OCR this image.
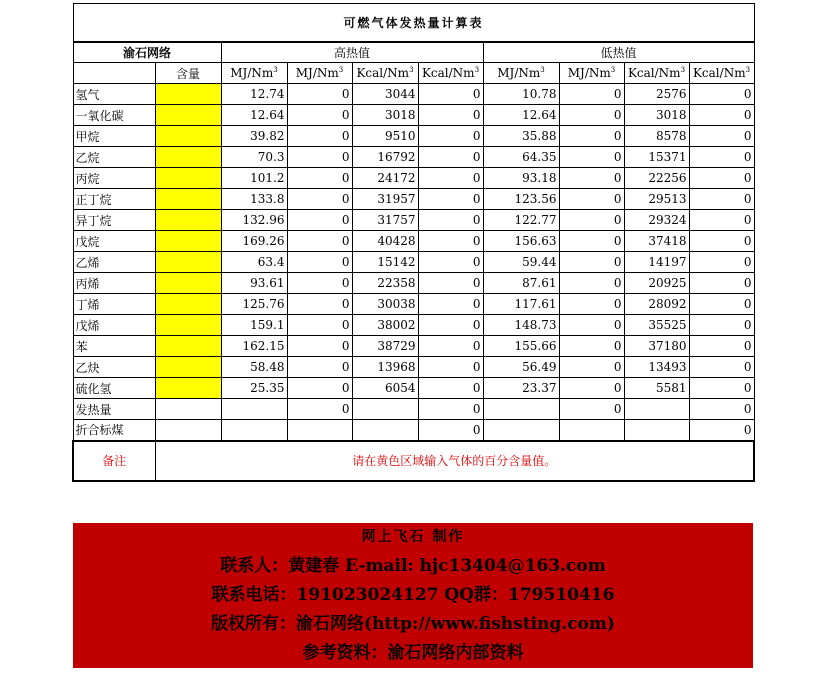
可燃气体发热量计算表									
渝石网络		高热值				低热值			
	含量	MJ/Nm$^3$	MJ/Nm$^3$	Kcal/Nm$^3$	Kcal/Nm$^3$	MJ/Nm$^3$	MJ/Nm$^3$	Kcal/Nm$^3$	Kcal/Nm$^3$
氢气		12.74	0	3044	0	10.78	0	2576	0
一氧化碳		12.64	0	3018	0	12.64	0	3018	0
甲烷		39.82	0	9510	0	35.88	0	8578	0
乙烷		70.3	0	16792	0	64.35	0	15371	0
丙烷		101.2	0	24172	0	93.18	0	22256	0
正丁烷		133.8	0	31957	0	123.56	0	29513	0
异丁烷		132.96	0	31757	0	122.77	0	29324	0
戊烷		169.26	0	40428	0	156.63	0	37418	0
乙烯		63.4	0	15142	0	59.44	0	14197	0
丙烯		93.61	0	22358	0	87.61	0	20925	0
丁烯		125.76	0	30038	0	117.61	0	28092	0
戊烯		159.1	0	38002	0	148.73	0	35525	0
苯		162.15	0	38729	0	155.66	0	37180	0
乙炔		58.48	0	13968	0	56.49	0	13493	0
硫化氢		25.35	0	6054	0	23.37	0	5581	0
发热量			0		0		0		0
折合标煤					0				0
备注	请在黄色区域输入气体的百分含量值。								
网上飞石 制作
联系人：黄建春 E-mail: hjc13404@163.com
联系电话：19102302412​7 QQ群：179510416
版权所有：渝石网络(http://www.fishsting.com)
参考资料：渝石网络内部资料
